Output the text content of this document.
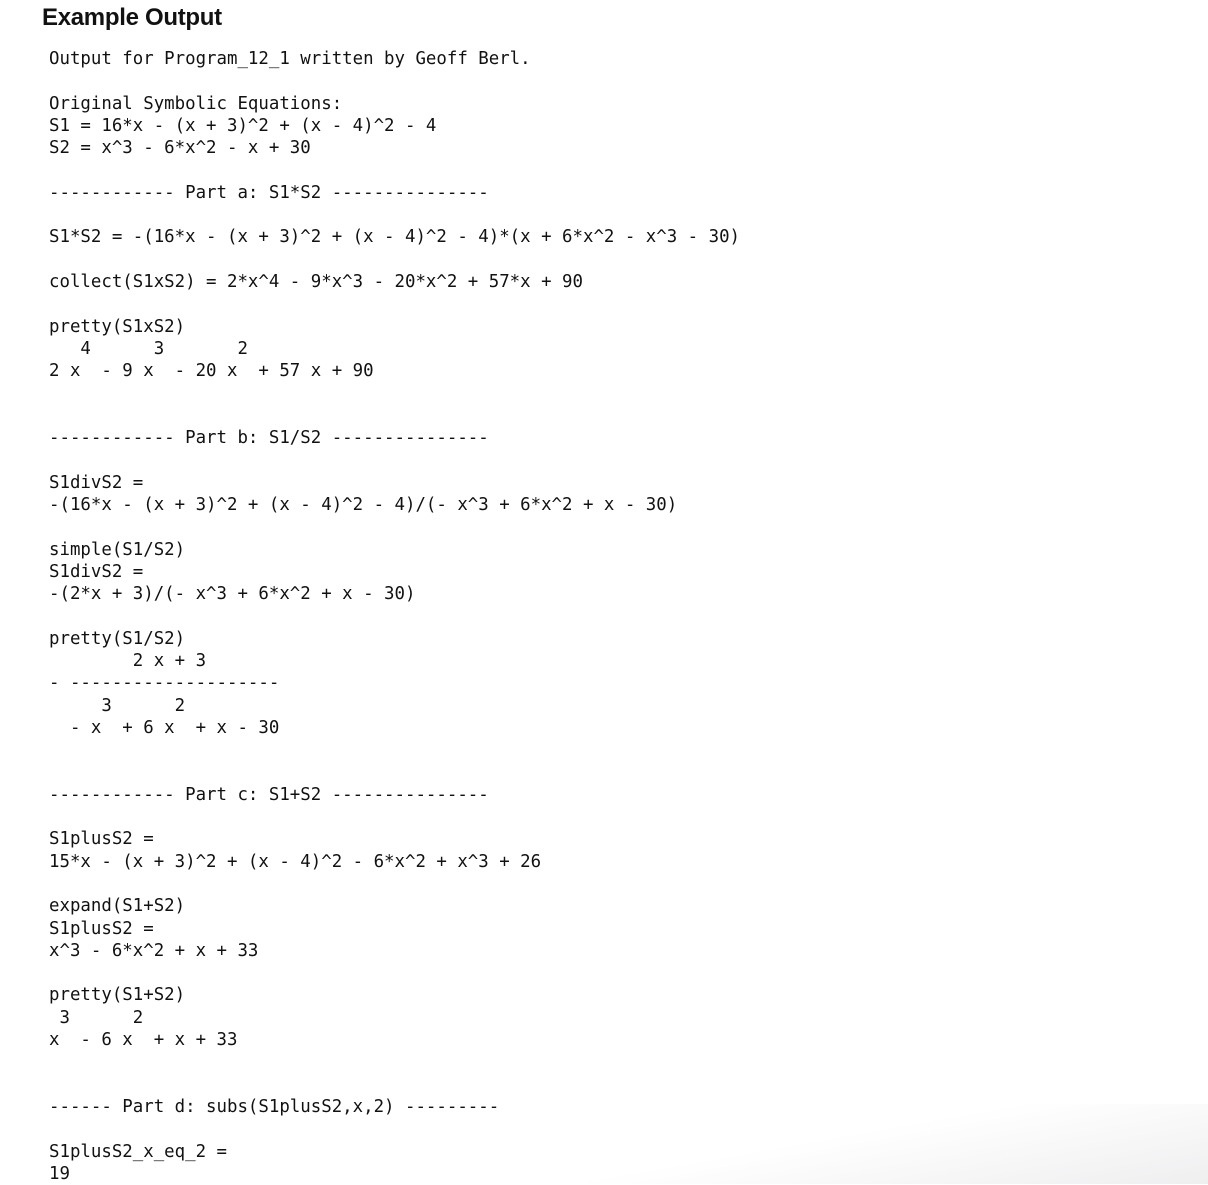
Example Output
Output for Program_12_1 written by Geoff Berl.
Original Symbolic Equations:
S1 = 16*x - (x + 3)^2 + (x - 4)^2 - 4
S2 = x^3 - 6*x^2 - x + 30
------------ Part a: S1*S2 ---------------
S1*S2 = -(16*x - (x + 3)^2 + (x - 4)^2 - 4)*(x + 6*x^2 - x^3 - 30)
collect(S1xS2) = 2*x^4 - 9*x^3 - 20*x^2 + 57*x + 90
pretty(S1xS2)
4      3       2
2 x  - 9 x  - 20 x  + 57 x + 90
------------ Part b: S1/S2 ---------------
S1divS2 =
-(16*x - (x + 3)^2 + (x - 4)^2 - 4)/(- x^3 + 6*x^2 + x - 30)
simple(S1/S2)
S1divS2 =
-(2*x + 3)/(- x^3 + 6*x^2 + x - 30)
pretty(S1/S2)
2 x + 3
- --------------------
3      2
- x  + 6 x  + x - 30
------------ Part c: S1+S2 ---------------
S1plusS2 =
15*x - (x + 3)^2 + (x - 4)^2 - 6*x^2 + x^3 + 26
expand(S1+S2)
S1plusS2 =
x^3 - 6*x^2 + x + 33
pretty(S1+S2)
3      2
x  - 6 x  + x + 33
------ Part d: subs(S1plusS2,x,2) ---------
S1plusS2_x_eq_2 =
19
